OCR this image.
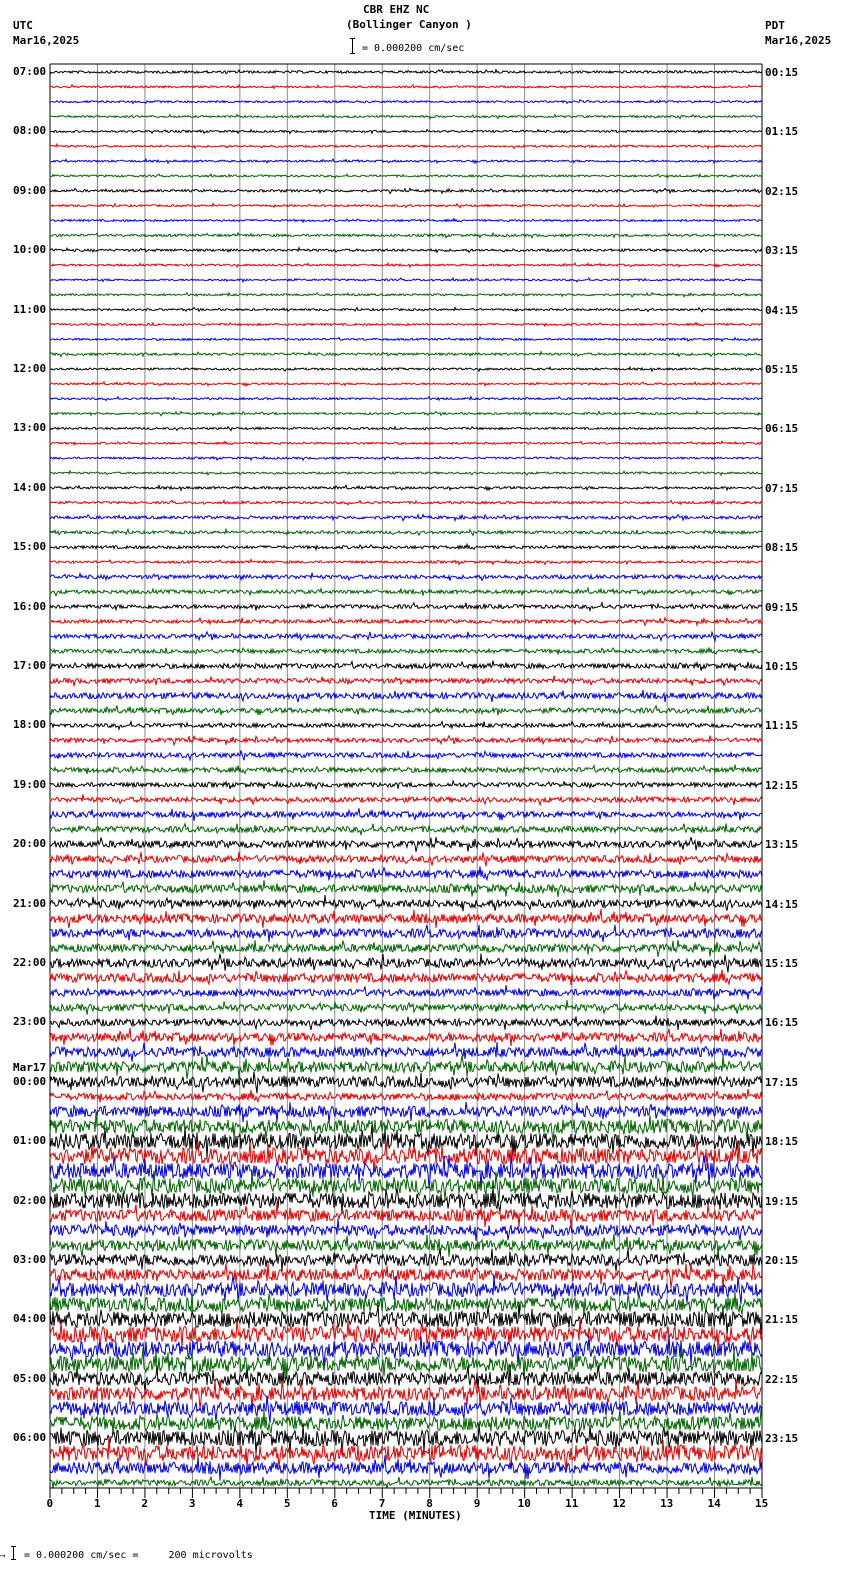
CBR EHZ NC
(Bollinger Canyon )
UTC
Mar16,2025
PDT
Mar16,2025
= 0.000200 cm/sec
07:00
08:00
09:00
10:00
11:00
12:00
13:00
14:00
15:00
16:00
17:00
18:00
19:00
20:00
21:00
22:00
23:00
Mar17
00:00
01:00
02:00
03:00
04:00
05:00
06:00
00:15
01:15
02:15
03:15
04:15
05:15
06:15
07:15
08:15
09:15
10:15
11:15
12:15
13:15
14:15
15:15
16:15
17:15
18:15
19:15
20:15
21:15
22:15
23:15
0	1	2	3	4	5	6	7	8	9	10	11	12	13	14	15
TIME (MINUTES)
⟶ = 0.000200 cm/sec =     200 microvolts
